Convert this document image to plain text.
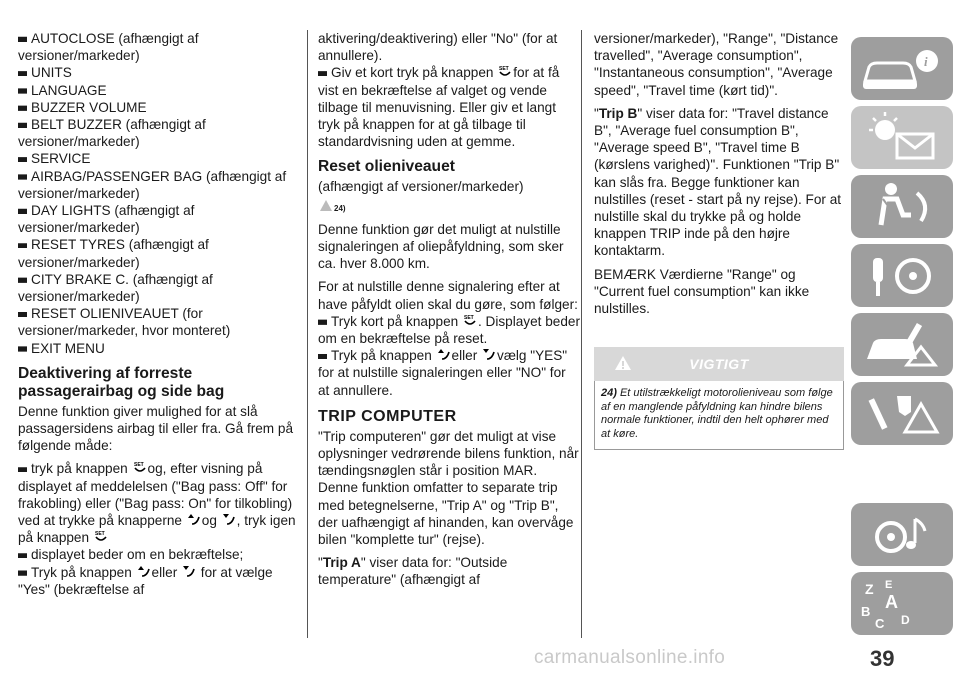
AUTOCLOSE (afhængigt af versioner/markeder)
UNITS
LANGUAGE
BUZZER VOLUME
BELT BUZZER (afhængigt af versioner/markeder)
SERVICE
AIRBAG/PASSENGER BAG (afhængigt af versioner/markeder)
DAY LIGHTS (afhængigt af versioner/markeder)
RESET TYRES (afhængigt af versioner/markeder)
CITY BRAKE C. (afhængigt af versioner/markeder)
RESET OLIENIVEAUET (for versioner/markeder, hvor monteret)
EXIT MENU
Deaktivering af forreste passagerairbag og side bag

Denne funktion giver mulighed for at slå passagersidens airbag til eller fra. Gå frem på følgende måde:

tryk på knappen SET og, efter visning på displayet af meddelelsen ("Bag pass: Off" for frakobling) eller ("Bag pass: On" for tilkobling) ved at trykke på knapperne og , tryk igen på knappen SET
displayet beder om en bekræftelse;
Tryk på knappen eller for at vælge "Yes" (bekræftelse af

aktivering/deaktivering) eller "No" (for at annullere).

Giv et kort tryk på knappen SET for at få vist en bekræftelse af valget og vende tilbage til menuvisning. Eller giv et langt tryk på knappen for at gå tilbage til standardvisning uden at gemme.
Reset olieniveauet
(afhængigt af versioner/markeder)
24)

Denne funktion gør det muligt at nulstille signaleringen af oliepåfyldning, som sker ca. hver 8.000 km.

For at nulstille denne signalering efter at have påfyldt olien skal du gøre, som følger:

Tryk kort på knappen SET . Displayet beder om en bekræftelse på reset.
Tryk på knappen eller vælg "YES" for at nulstille signaleringen eller "NO" for at annullere.
TRIP COMPUTER

"Trip computeren" gør det muligt at vise oplysninger vedrørende bilens funktion, når tændingsnøglen står i position MAR. Denne funktion omfatter to separate trip med betegnelserne, "Trip A" og "Trip B", der uafhængigt af hinanden, kan overvåge bilen "komplette tur" (rejse).

"Trip A" viser data for: "Outside temperature" (afhængigt af

versioner/markeder), "Range", "Distance travelled", "Average consumption", "Instantaneous consumption", "Average speed", "Travel time (kørt tid)".

"Trip B" viser data for: "Travel distance B", "Average fuel consumption B", "Average speed B", "Travel time B (kørslens varighed)". Funktionen "Trip B" kan slås fra. Begge funktioner kan nulstilles (reset - start på ny rejse). For at nulstille skal du trykke på og holde knappen TRIP inde på den højre kontaktarm.

BEMÆRK Værdierne "Range" og "Current fuel consumption" kan ikke nulstilles.

VIGTIGT
24) Et utilstrækkeligt motorolieniveau som følge af en manglende påfyldning kan hindre bilens normale funktioner, indtil den helt ophører med at køre.
i
Z E
B A
C D
carmanualsonline.info	39
